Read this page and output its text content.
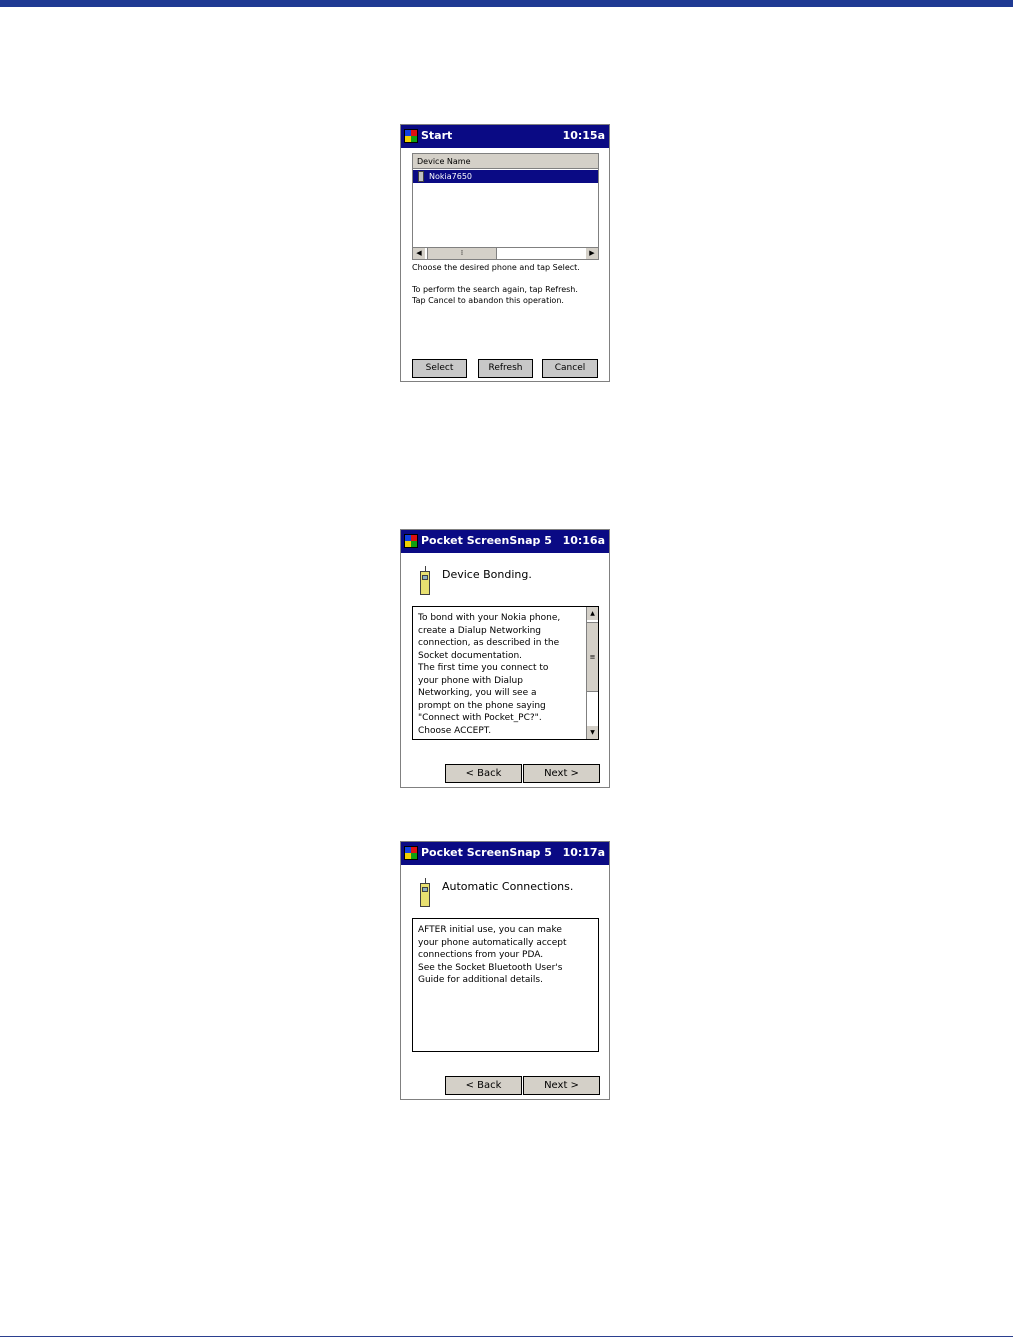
Start	10:15a
Device Name
Nokia7650
◀	⁞	▶
Choose the desired phone and tap Select.
To perform the search again, tap Refresh.
Tap Cancel to abandon this operation.
Select	Refresh	Cancel
Pocket ScreenSnap 5 10:16a
Device Bonding.
To bond with your Nokia phone,
create a Dialup Networking
connection, as described in the
Socket documentation.
The first time you connect to
your phone with Dialup
Networking, you will see a
prompt on the phone saying
"Connect with Pocket_PC?".
Choose ACCEPT.
▲
≡
▼
< Back	Next >
Pocket ScreenSnap 5 10:17a
Automatic Connections.
AFTER initial use, you can make
your phone automatically accept
connections from your PDA.
See the Socket Bluetooth User's
Guide for additional details.
< Back	Next >
